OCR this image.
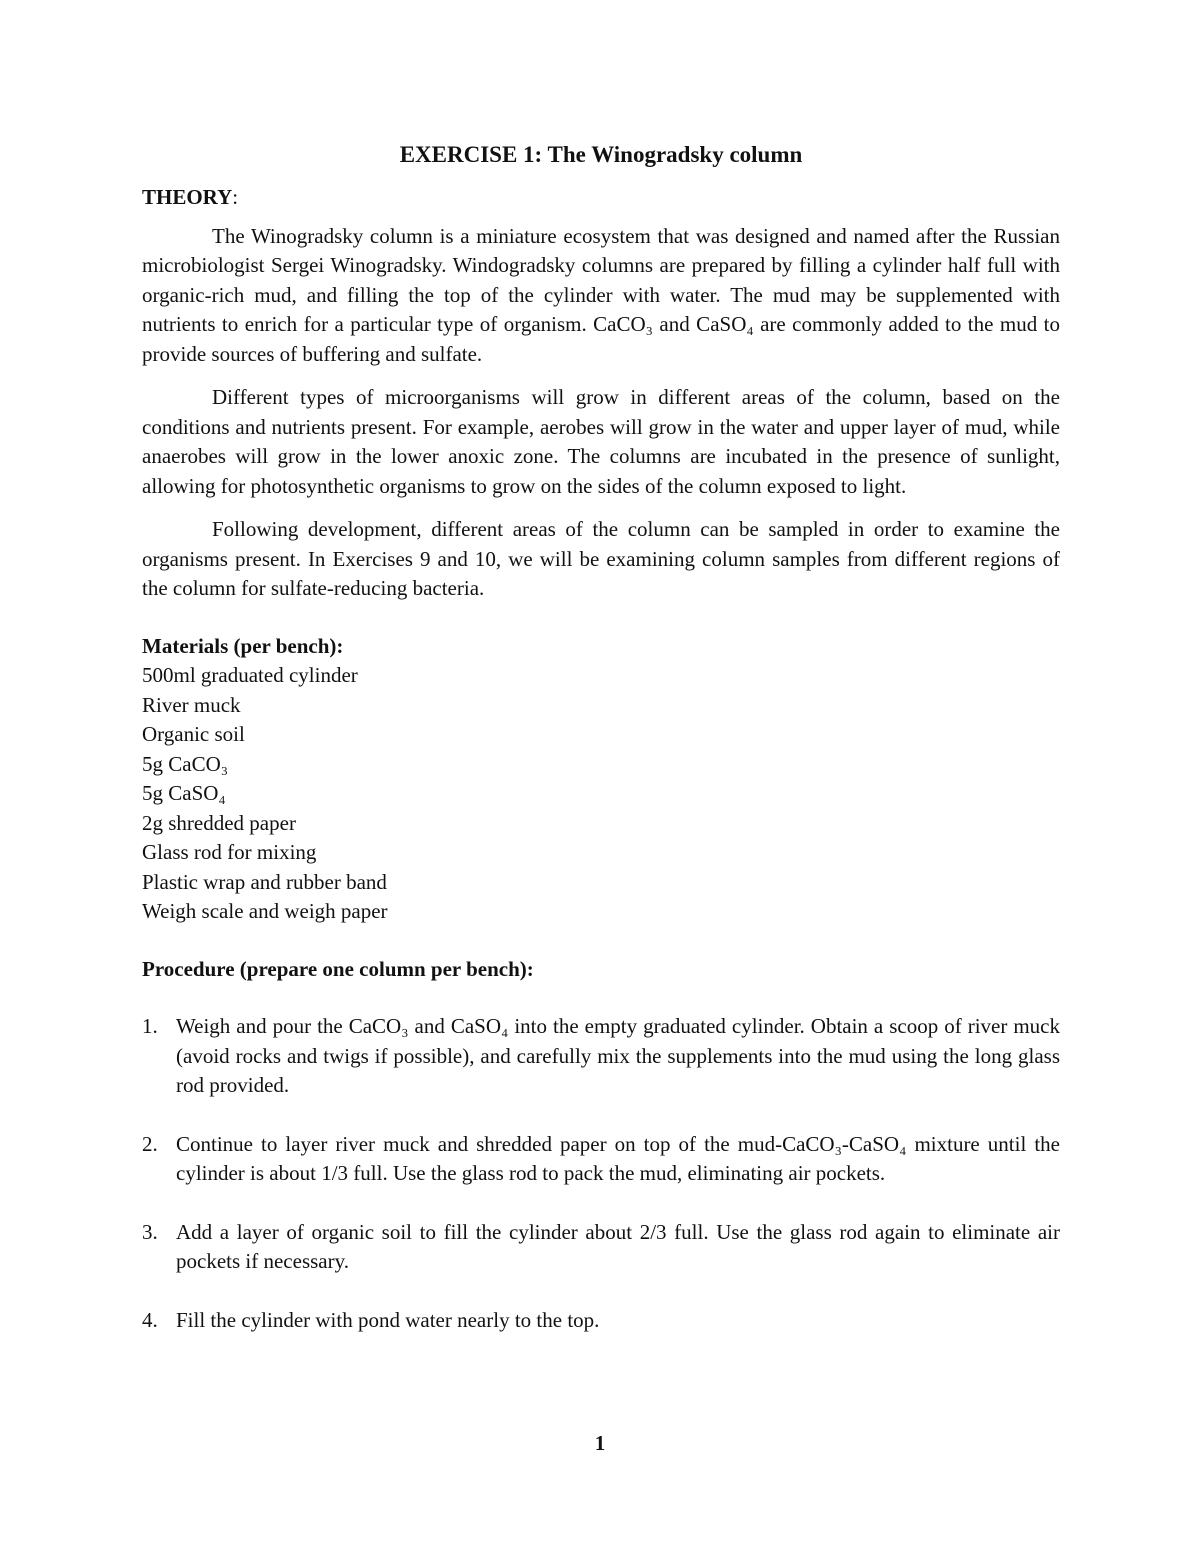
EXERCISE 1: The Winogradsky column
THEORY:

The Winogradsky column is a miniature ecosystem that was designed and named after the Russian microbiologist Sergei Winogradsky. Windogradsky columns are prepared by filling a cylinder half full with organic-rich mud, and filling the top of the cylinder with water. The mud may be supplemented with nutrients to enrich for a particular type of organism. CaCO₃ and CaSO₄ are commonly added to the mud to provide sources of buffering and sulfate.

Different types of microorganisms will grow in different areas of the column, based on the conditions and nutrients present. For example, aerobes will grow in the water and upper layer of mud, while anaerobes will grow in the lower anoxic zone. The columns are incubated in the presence of sunlight, allowing for photosynthetic organisms to grow on the sides of the column exposed to light.

Following development, different areas of the column can be sampled in order to examine the organisms present. In Exercises 9 and 10, we will be examining column samples from different regions of the column for sulfate-reducing bacteria.

Materials (per bench):
500ml graduated cylinder
River muck
Organic soil
5g CaCO₃
5g CaSO₄
2g shredded paper
Glass rod for mixing
Plastic wrap and rubber band
Weigh scale and weigh paper
Procedure (prepare one column per bench):
1. Weigh and pour the CaCO₃ and CaSO₄ into the empty graduated cylinder. Obtain a scoop of river muck (avoid rocks and twigs if possible), and carefully mix the supplements into the mud using the long glass rod provided.
2. Continue to layer river muck and shredded paper on top of the mud-CaCO₃-CaSO₄ mixture until the cylinder is about 1/3 full. Use the glass rod to pack the mud, eliminating air pockets.
3. Add a layer of organic soil to fill the cylinder about 2/3 full. Use the glass rod again to eliminate air pockets if necessary.
4. Fill the cylinder with pond water nearly to the top.
1
